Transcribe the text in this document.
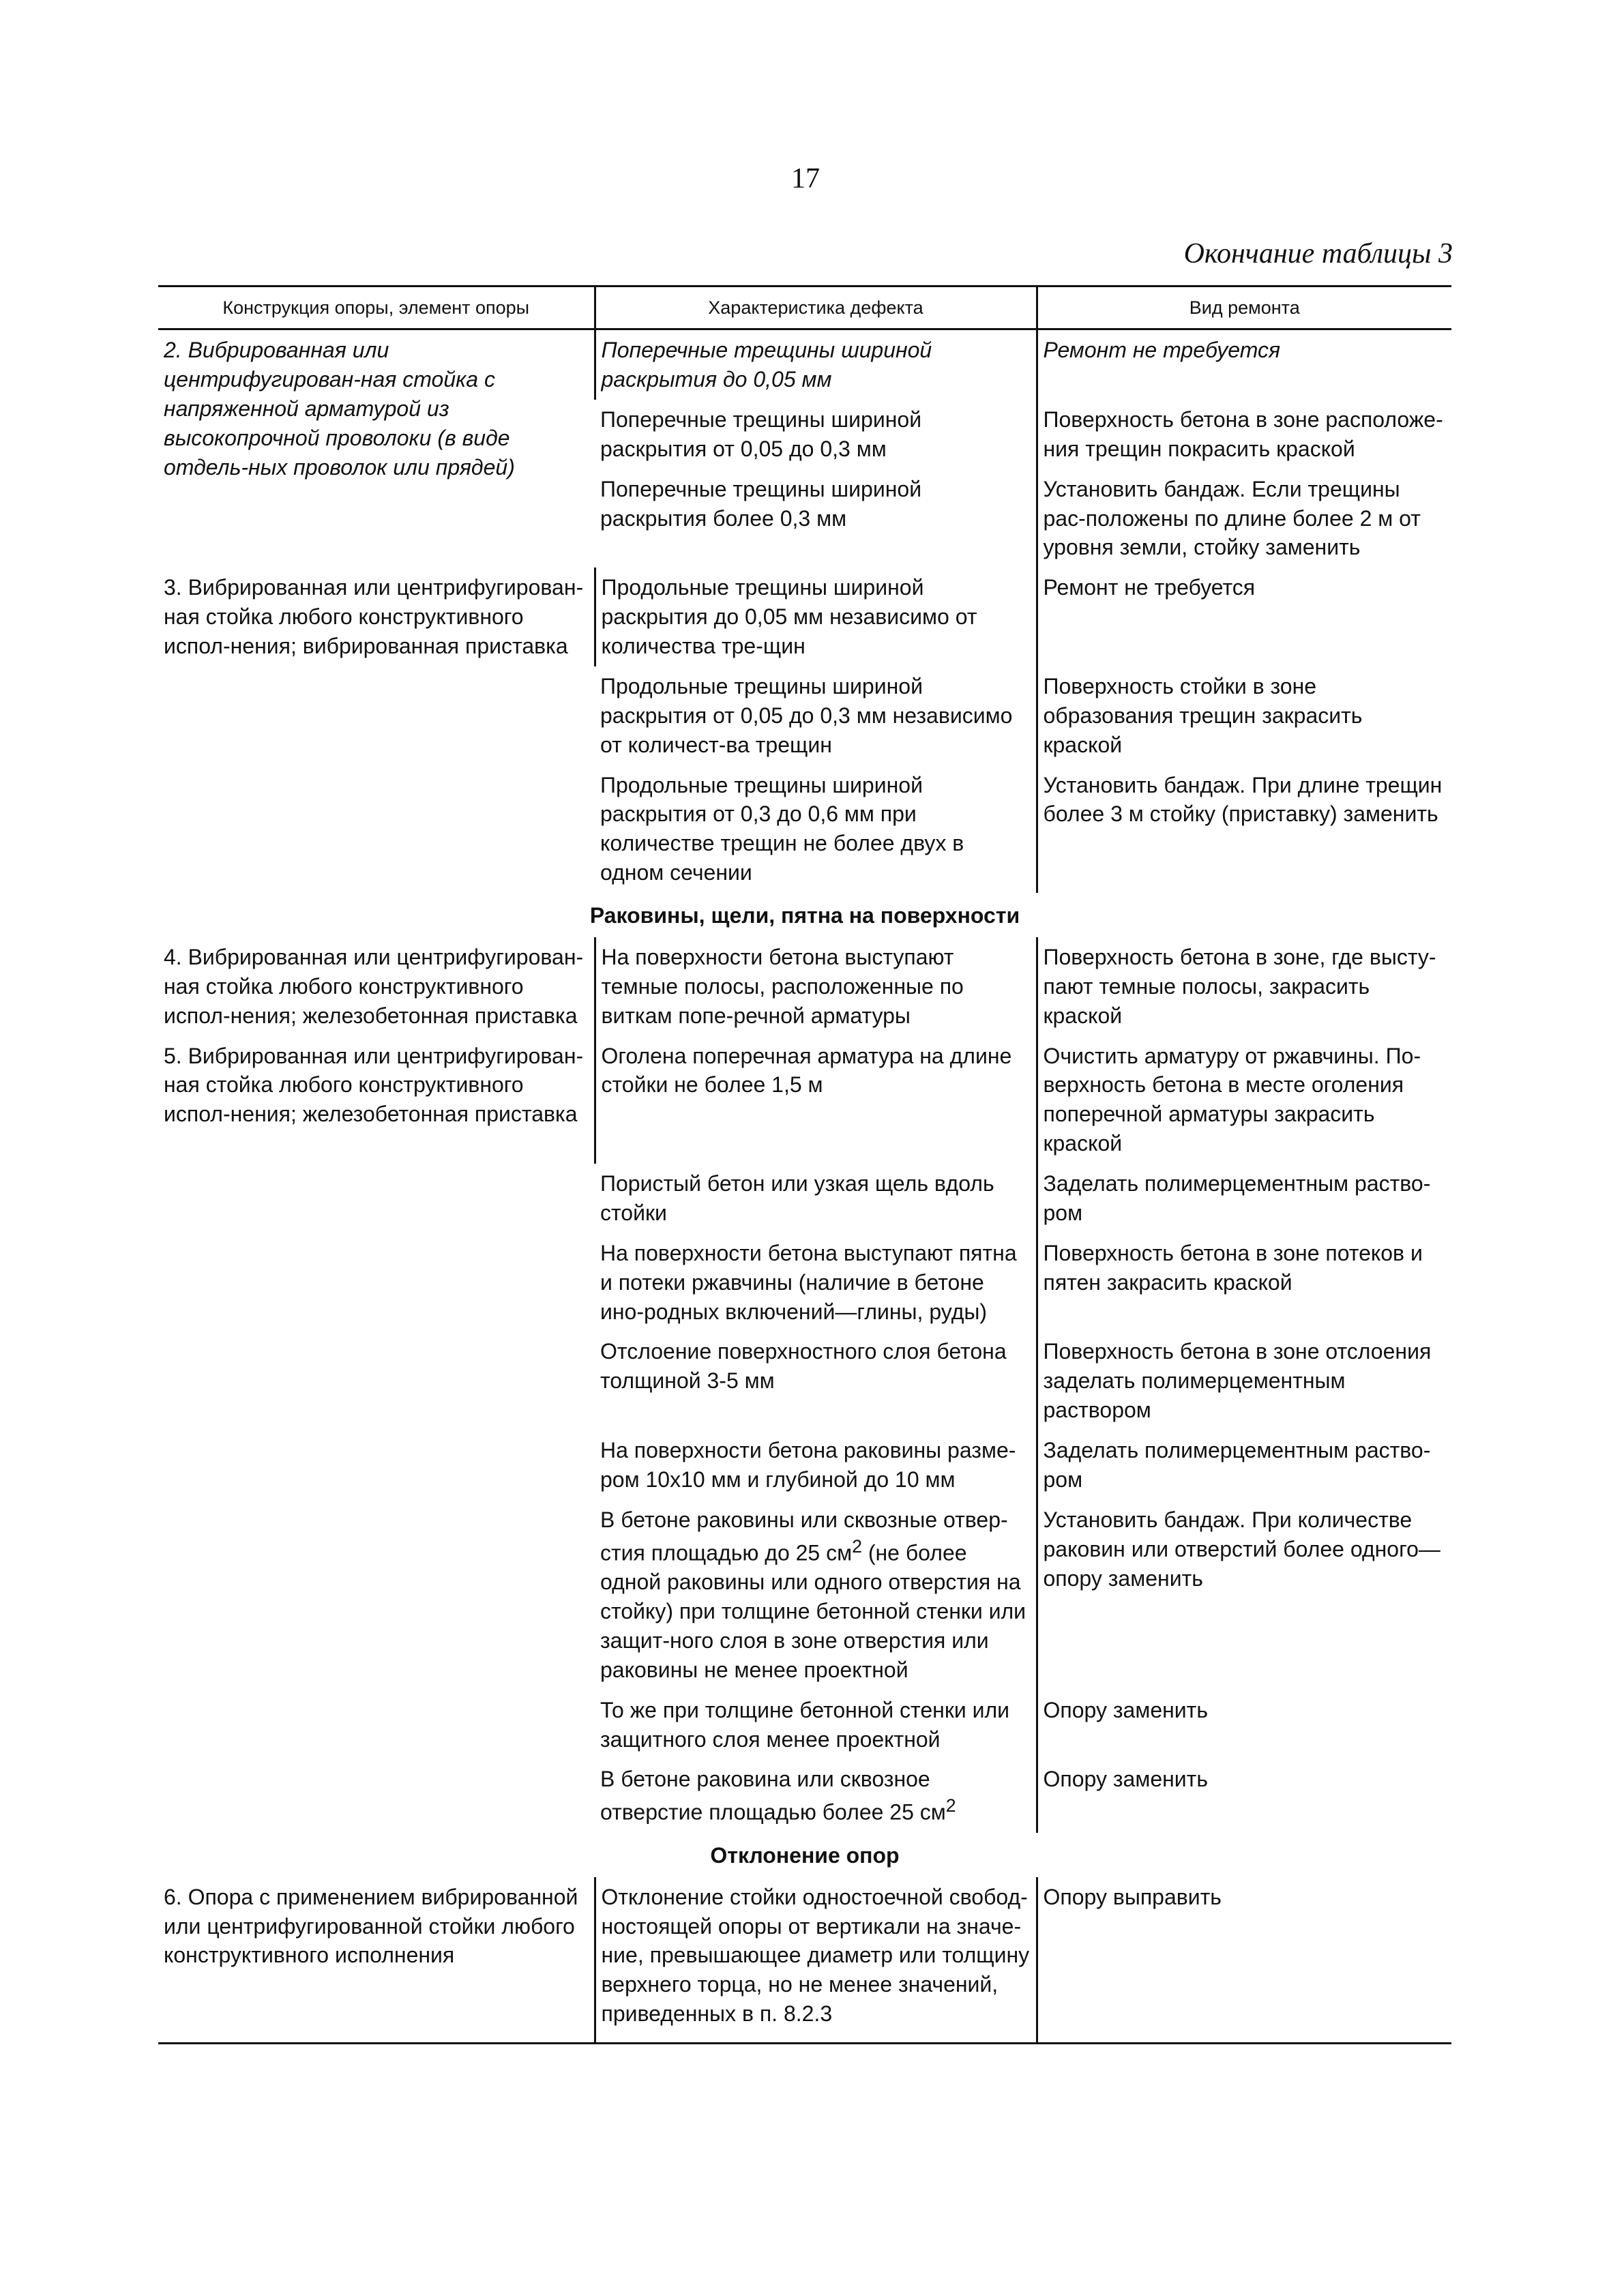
17
Окончание таблицы 3
Конструкция опоры, элемент опоры	Характеристика дефекта	Вид ремонта
2. Вибрированная или центрифугирован-ная стойка с напряженной арматурой из высокопрочной проволоки (в виде отдель-ных проволок или прядей)	Поперечные трещины шириной раскрытия до 0,05 мм	Ремонт не требуется
	Поперечные трещины шириной раскрытия от 0,05 до 0,3 мм	Поверхность бетона в зоне расположе-ния трещин покрасить краской
	Поперечные трещины шириной раскрытия более 0,3 мм	Установить бандаж. Если трещины рас-положены по длине более 2 м от уровня земли, стойку заменить
3. Вибрированная или центрифугирован-ная стойка любого конструктивного испол-нения; вибрированная приставка	Продольные трещины шириной раскрытия до 0,05 мм независимо от количества тре-щин	Ремонт не требуется
	Продольные трещины шириной раскрытия от 0,05 до 0,3 мм независимо от количест-ва трещин	Поверхность стойки в зоне образования трещин закрасить краской
	Продольные трещины шириной раскрытия от 0,3 до 0,6 мм при количестве трещин не более двух в одном сечении	Установить бандаж. При длине трещин более 3 м стойку (приставку) заменить
Раковины, щели, пятна на поверхности		
4. Вибрированная или центрифугирован-ная стойка любого конструктивного испол-нения; железобетонная приставка	На поверхности бетона выступают темные полосы, расположенные по виткам попе-речной арматуры	Поверхность бетона в зоне, где высту-пают темные полосы, закрасить краской
5. Вибрированная или центрифугирован-ная стойка любого конструктивного испол-нения; железобетонная приставка	Оголена поперечная арматура на длине стойки не более 1,5 м	Очистить арматуру от ржавчины. По-верхность бетона в месте оголения поперечной арматуры закрасить краской
	Пористый бетон или узкая щель вдоль стойки	Заделать полимерцементным раство-ром
	На поверхности бетона выступают пятна и потеки ржавчины (наличие в бетоне ино-родных включений—глины, руды)	Поверхность бетона в зоне потеков и пятен закрасить краской
	Отслоение поверхностного слоя бетона толщиной 3-5 мм	Поверхность бетона в зоне отслоения заделать полимерцементным раствором
	На поверхности бетона раковины разме-ром 10x10 мм и глубиной до 10 мм	Заделать полимерцементным раство-ром
	В бетоне раковины или сквозные отвер-стия площадью до 25 $см^2$ (не более одной раковины или одного отверстия на стойку) при толщине бетонной стенки или защит-ного слоя в зоне отверстия или раковины не менее проектной	Установить бандаж. При количестве раковин или отверстий более одного—опору заменить
	То же при толщине бетонной стенки или защитного слоя менее проектной	Опору заменить
	В бетоне раковина или сквозное отверстие площадью более 25 $см^2$	Опору заменить
Отклонение опор		
6. Опора с применением вибрированной или центрифугированной стойки любого конструктивного исполнения	Отклонение стойки одностоечной свобод-ностоящей опоры от вертикали на значе-ние, превышающее диаметр или толщину верхнего торца, но не менее значений, приведенных в п. 8.2.3	Опору выправить
